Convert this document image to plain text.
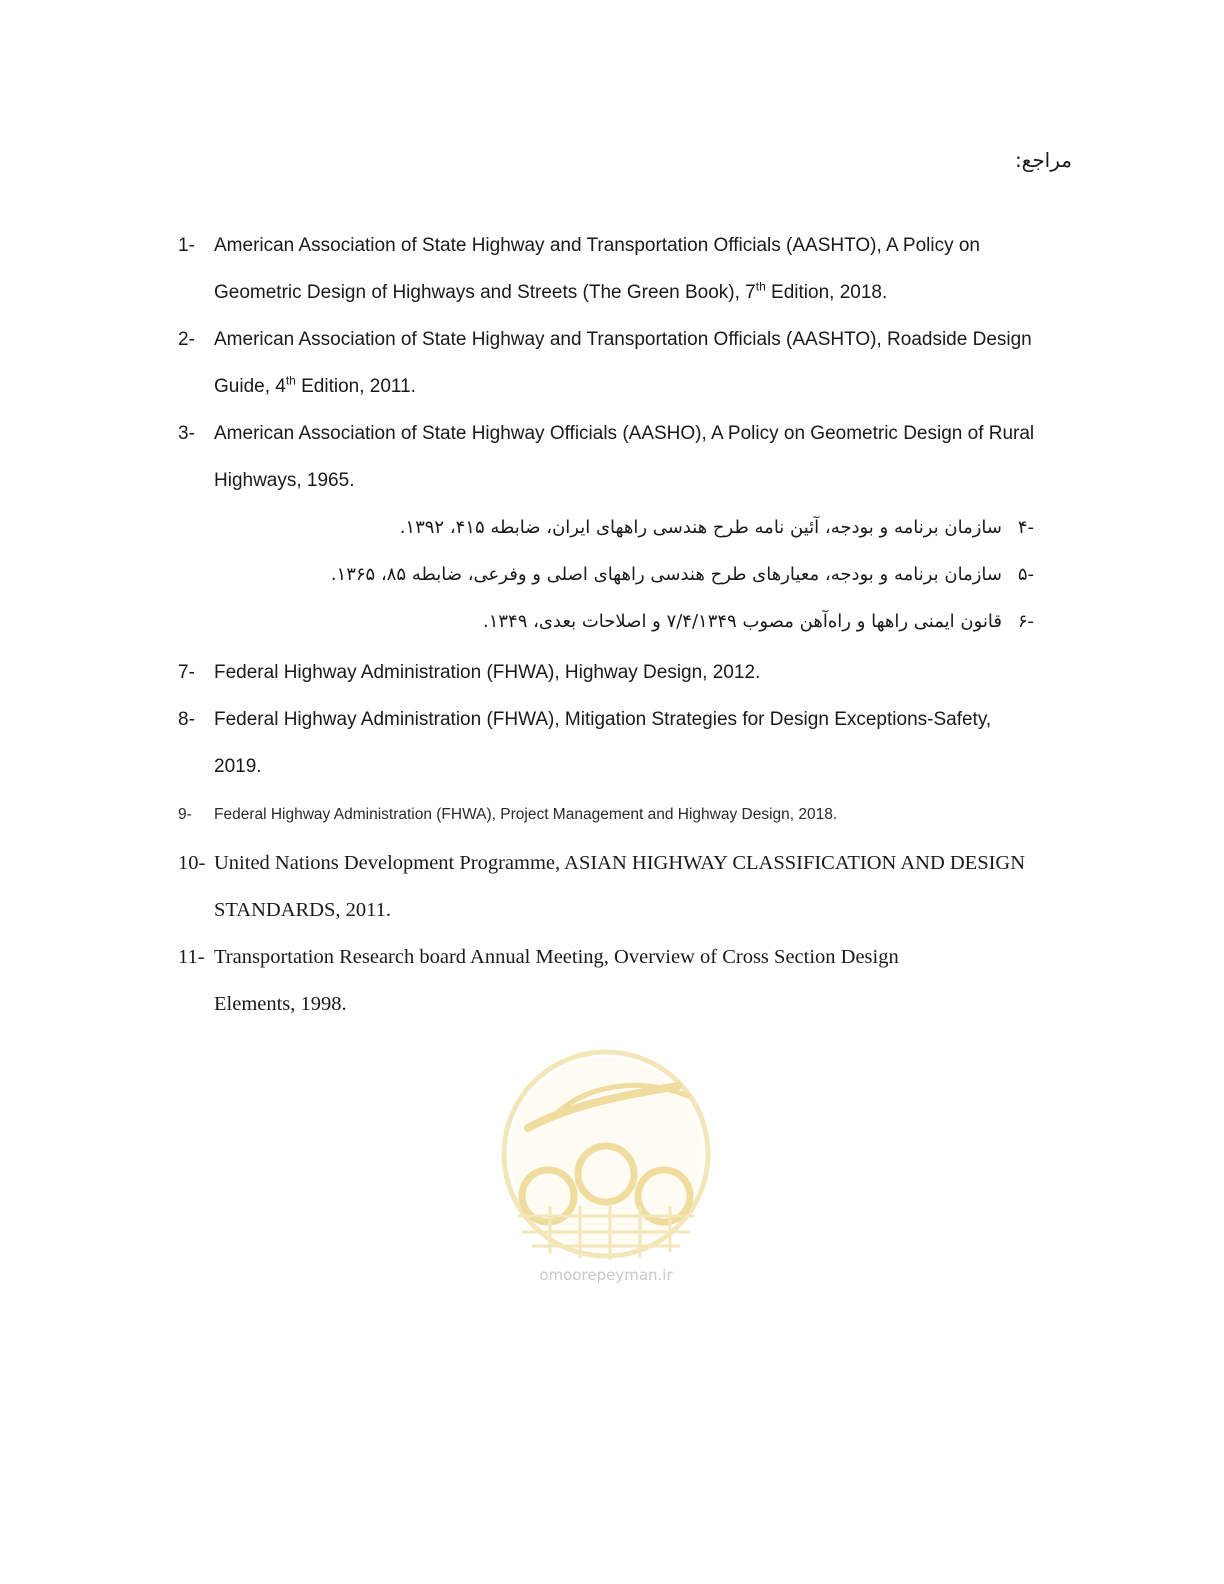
مراجع:
1- American Association of State Highway and Transportation Officials (AASHTO), A Policy on
Geometric Design of Highways and Streets (The Green Book), 7th Edition, 2018.
2- American Association of State Highway and Transportation Officials (AASHTO), Roadside Design
Guide, 4th Edition, 2011.
3- American Association of State Highway Officials (AASHO), A Policy on Geometric Design of Rural
Highways, 1965.
-۴سازمان برنامه و بودجه، آئین نامه طرح هندسی راههای ایران، ضابطه ۴۱۵، ۱۳۹۲.
-۵سازمان برنامه و بودجه، معیارهای طرح هندسی راههای اصلی و وفرعی، ضابطه ۸۵، ۱۳۶۵.
-۶قانون ایمنی راهها و راه‌آهن مصوب ۷/۴/۱۳۴۹ و اصلاحات بعدی، ۱۳۴۹.
7- Federal Highway Administration (FHWA), Highway Design, 2012.
8- Federal Highway Administration (FHWA), Mitigation Strategies for Design Exceptions-Safety,
2019.
9- Federal Highway Administration (FHWA), Project Management and Highway Design, 2018.
10- United Nations Development Programme, ASIAN HIGHWAY CLASSIFICATION AND DESIGN
STANDARDS, 2011.
11- Transportation Research board Annual Meeting, Overview of Cross Section Design
Elements, 1998.
omoorepeyman.ir
